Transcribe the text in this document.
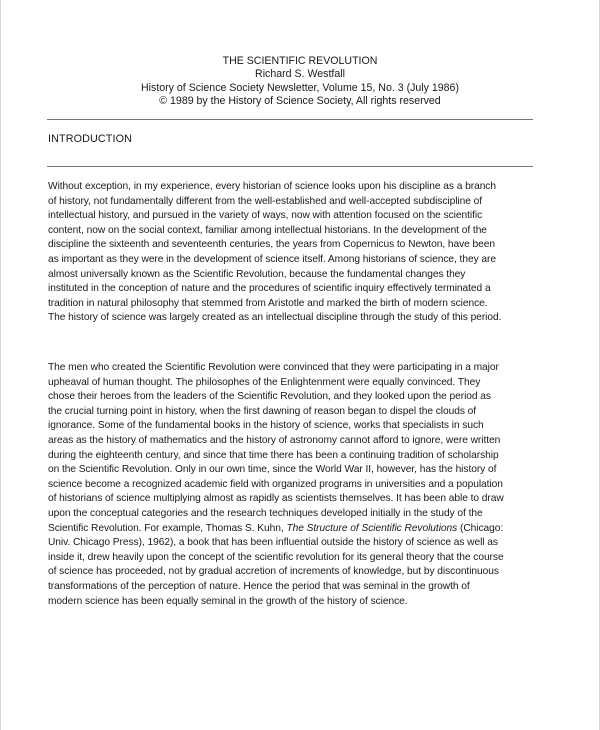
THE SCIENTIFIC REVOLUTION
Richard S. Westfall
History of Science Society Newsletter, Volume 15, No. 3 (July 1986)
© 1989 by the History of Science Society, All rights reserved
INTRODUCTION
Without exception, in my experience, every historian of science looks upon his discipline as a branch
of history, not fundamentally different from the well-established and well-accepted subdiscipline of
intellectual history, and pursued in the variety of ways, now with attention focused on the scientific
content, now on the social context, familiar among intellectual historians. In the development of the
discipline the sixteenth and seventeenth centuries, the years from Copernicus to Newton, have been
as important as they were in the development of science itself. Among historians of science, they are
almost universally known as the Scientific Revolution, because the fundamental changes they
instituted in the conception of nature and the procedures of scientific inquiry effectively terminated a
tradition in natural philosophy that stemmed from Aristotle and marked the birth of modern science.
The history of science was largely created as an intellectual discipline through the study of this period.
The men who created the Scientific Revolution were convinced that they were participating in a major
upheaval of human thought. The philosophes of the Enlightenment were equally convinced. They
chose their heroes from the leaders of the Scientific Revolution, and they looked upon the period as
the crucial turning point in history, when the first dawning of reason began to dispel the clouds of
ignorance. Some of the fundamental books in the history of science, works that specialists in such
areas as the history of mathematics and the history of astronomy cannot afford to ignore, were written
during the eighteenth century, and since that time there has been a continuing tradition of scholarship
on the Scientific Revolution. Only in our own time, since the World War II, however, has the history of
science become a recognized academic field with organized programs in universities and a population
of historians of science multiplying almost as rapidly as scientists themselves. It has been able to draw
upon the conceptual categories and the research techniques developed initially in the study of the
Scientific Revolution. For example, Thomas S. Kuhn, The Structure of Scientific Revolutions (Chicago:
Univ. Chicago Press), 1962), a book that has been influential outside the history of science as well as
inside it, drew heavily upon the concept of the scientific revolution for its general theory that the course
of science has proceeded, not by gradual accretion of increments of knowledge, but by discontinuous
transformations of the perception of nature. Hence the period that was seminal in the growth of
modern science has been equally seminal in the growth of the history of science.
